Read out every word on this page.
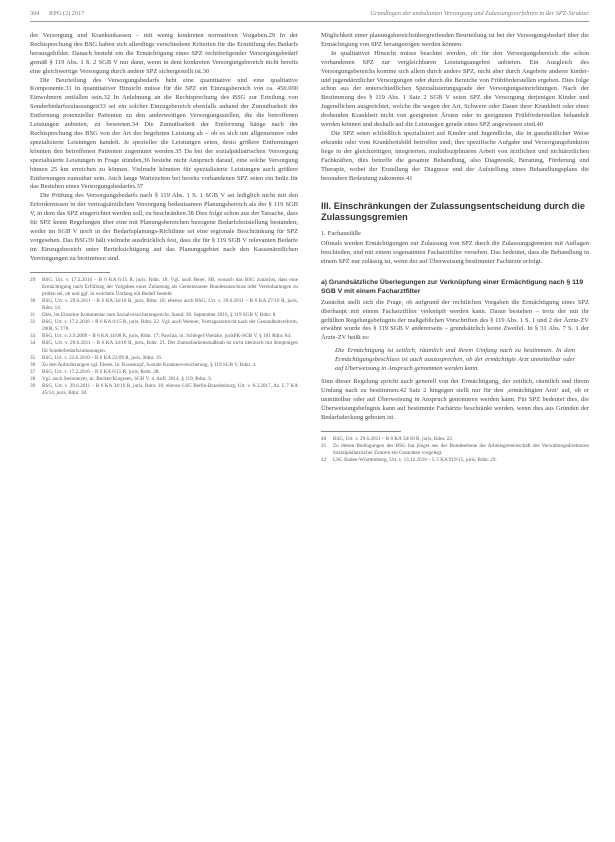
304 RPG (2) 2017	Grundlagen der ambulanten Versorgung und Zulassungsverfahren in der SPZ-Struktur

der Versorgung und Krankenkassen – mit wenig konkreten normativen Vorgaben.29 In der Rechtsprechung des BSG haben sich allerdings verschiedene Kriterien für die Ermittlung des Bedarfs herausgebildet. Danach besteht ein die Ermächtigung eines SPZ rechtfertigender Versorgungsbedarf gemäß § 119 Abs. 1 S. 2 SGB V nur dann, wenn in dem konkreten Versorgungsbereich nicht bereits eine gleichwertige Versorgung durch andere SPZ sichergestellt ist.30

Die Beurteilung des Versorgungsbedarfs hebt eine quantitative und eine qualitative Komponente.31 In quantitativer Hinsicht müsse für die SPZ ein Einzugsbereich von ca. 450.000 Einwohnern entfallen sein.32 In Anlehnung an die Rechtsprechung des BSG zur Erteilung von Sonderbedarfszulassungen33 sei ein solcher Einzugsbereich ebenfalls anhand der Zumutbarkeit der Entfernung potenzieller Patienten zu den anderweitigen Versorgungsstellen, die die betroffenen Leistungen anbieten, zu bewerten.34 Die Zumutbarkeit der Entfernung hänge nach der Rechtsprechung des BSG von der Art der begehrten Leistung ab – ob es sich um allgemeinere oder spezialisierte Leistungen handelt. Je spezieller die Leistungen seien, desto größere Entfernungen könnten den betroffenen Patienten zugemutet werden.35 Da bei der sozialpädiatrischen Versorgung spezialisierte Leistungen in Frage stünden,36 bestehe nicht Anspruch darauf, eine solche Versorgung binnen 25 km erreichen zu können. Vielmehr könnten für spezialisierte Leistungen auch größere Entfernungen zumutbar sein. Auch lange Wartezeiten bei bereits vorhandenen SPZ seien ein Indiz für das Bestehen eines Versorgungsbedarfes.37

Die Prüfung des Versorgungsbedarfs nach § 119 Abs. 1 S. 1 SGB V sei lediglich nicht mit den Erfordernissen in der vertragsärztlichen Versorgung bedeutsamen Planungsbereich als der § 119 SGB V, in dem das SPZ eingerichtet werden soll, zu beschränken.38 Dies folge schon aus der Tatsache, dass für SPZ keine Regelungen über eine mit Planungsbereichen bezogene Bedarfsfeststellung bestanden; weder im SGB V noch in der Bedarfsplanungs-Richtlinie sei eine regionale Beschränkung für SPZ vorgesehen. Das BSG39 hält vielmehr ausdrücklich fest, dass die für § 119 SGB V relevanten Bedarfe im Einzugsbereich unter Berücksichtigung auf das Planungsgebiet nach den Kassenärztlichen Vereinigungen zu bestimmen sind.

29	BSG, Urt. v. 17.2.2016 – B 6 KA 6/15 R, juris, Rdnr. 18. Vgl. auch Beier, SB, wonach das BSG zunächst, dass eine Ermächtigung nach Erfüllung der Vorgaben einer Zulassung als Gemeinsamer Bundesausschuss oder Vereinbarungen zu prüfen sei, ob und ggf. in welchem Umfang ein Bedarf besteht.
30	BSG, Urt. v. 29.6.2011 – B 6 KA 34/10 R, juris, Rdnr. 18; ebenso auch BSG, Urt. v. 29.6.2011 – B 6 KA 27/10 R, juris, Rdnr. 14.
31	Dies, im Einzelne Kommentar zum Sozialversicherungsrecht, Stand: 30. September 2016, § 119 SGB V, Rdnr. 8.
32	BSG, Urt. v. 17.2.2016 – B 6 KA 6/15 R, juris, Rdnr. 22. Vgl. auch Wenner, Vertragsarztrecht nach der Gesundheitsreform, 2008, S. 178.
33	BSG, Urt. v. 2.9.2009 – B 6 KA 34/08 R, juris, Rdnr. 17; Pawlita, in: Schlegel/Voelzke, jurisPK-SGB V, § 101 Rdnr. 84.
34	BSG, Urt. v. 29.6.2011 – B 6 KA 34/10 R, juris, Rdnr. 21. Der Zumutbarkeitsmaßstab ist nicht identisch mit demjenigen für Sonderbedarfszulassungen.
35	BSG, Urt. v. 23.6.2010 – B 6 KA 22/09 R, juris, Rdnr. 16.
36	Zu den Anforderungen vgl. Ebsen, in: Krauskopf, Soziale Krankenversicherung, § 119 SGB V, Rdnr. 4.
37	BSG, Urt. v. 17.2.2016 – B 6 KA 6/15 R, juris, Rdnr. 28.
38	Vgl. auch Steinmeyer, in: Becker/Kingreen, SGB V, 4. Aufl. 2014, § 119, Rdnr. 3.
39	BSG, Urt. v. 29.6.2011 – B 6 KA 34/10 R, juris, Rdnr. 16; ebenso LSG Berlin-Brandenburg, Urt. v. 8.3.2017, Az. L 7 KA 45/14, juris, Rdnr. 30.

Möglichkeit einer planungsbereichsübergreifenden Beurteilung ist bei der Versorgungsbedarf über die Ermächtigung von SPZ herangezogen werden können.

In qualitativer Hinsicht müsse beachtet werden, ob für den Versorgungsbereich die schon vorhandenen SPZ zur vergleichbaren Leistungsangebot anbieten. Ein Ausgleich des Versorgungsbereichs komme sich allein durch andere SPZ, nicht aber durch Angebote anderer kinder- und jugendärztlicher Versorgungen oder durch die Bereiche von Frühförderstellen ergeben. Dies folge schon aus der unterschiedlichen Spezialisierungsgrade der Versorgungseinrichtungen. Nach der Bestimmung des § 119 Abs. 1 Satz 2 SGB V seien SPZ die Versorgung derjenigen Kinder und Jugendlichen ausgerichtet, welche die wegen der Art, Schwere oder Dauer ihrer Krankheit oder einer drohenden Krankheit nicht von geeigneten Ärzten oder in geeigneten Frühförderstellen behandelt werden können und deshalb auf die Leistungen gerade eines SPZ angewiesen sind.40

Die SPZ seien schließlich spezialisiert auf Kinder und Jugendliche, die in ganzheitlicher Weise erkrankt oder vom Krankheitsbild betroffen sind; ihre spezifische Aufgabe und Versorgungsfunktion liege in der gleichzeitigen, integrierten, multidisziplinären Arbeit von ärztlichen und nichtärztlichen Fachkräften, dies betreffe die gesamte Behandlung, also Diagnostik, Beratung, Förderung und Therapie, wobei der Erstellung der Diagnose und der Aufstellung eines Behandlungsplans die besondere Bedeutung zukomme.41

III. Einschränkungen der Zulassungsentscheidung durch die Zulassungsgremien
1. Fachausfälle

Oftmals werden Ermächtigungen zur Zulassung von SPZ durch die Zulassungsgremien mit Auflagen beschieden, und mit einem sogenannten Facharztfilter versehen. Das bedeutet, dass die Behandlung in einem SPZ nur zulässig ist, wenn der auf Überweisung bestimmter Fachärzte erfolgt.

a) Grundsätzliche Überlegungen zur Verknüpfung einer Ermächtigung nach § 119 SGB V mit einem Facharztfilter

Zunächst stellt sich die Frage, ob aufgrund der rechtlichen Vorgaben die Ermächtigung eines SPZ überhaupt mit einem Facharztfilter verknüpft werden kann. Daran bestehen – trotz der mit ihr gefüllten Regelungsbefugnis der maßgeblichen Vorschriften des § 119 Abs. 1 S. 1 und 2 der Ärzte-ZV erwähnt wurde des § 119 SGB V andererseits – grundsätzlich keine Zweifel. In § 31 Abs. 7 S. 1 der Ärzte-ZV heißt es:

Die Ermächtigung ist zeitlich, räumlich und ihrem Umfang nach zu bestimmen. In dem Ermächtigungsbeschluss ist auch auszusprechen, ob der ermächtigte Arzt unmittelbar oder auf Überweisung in Anspruch genommen werden kann.

Sinn dieser Regelung spricht auch generell von der Ermächtigung, der zeitlich, räumlich und ihrem Umfang nach zu bestimmen.42 Satz 2 hingegen stellt nur für den ‚ermächtigten Arzt‘ auf, ob er unmittelbar oder auf Überweisung in Anspruch genommen werden kann. Für SPZ bedeutet dies, die Überweisungsbefugnis kann auf bestimmte Fachärzte beschränkt werden, wenn dies aus Gründen der Bedarfsdeckung geboten ist.

40	BSG, Urt. v. 29.6.2011 – B 6 KA 34/10 R, juris, Rdnr. 22.
41	Zu diesen Bedingungen des BSG hat jüngst aus der Bundesebene die Arbeitsgemeinschaft der Verwaltungsdirektoren Sozialpädiatrischer Zentren ein Gutachten vorgelegt.
42	LSG Baden-Württemberg, Urt. v. 13.12.2016 – L 5 KA 919/15, juris, Rdnr. 29.
